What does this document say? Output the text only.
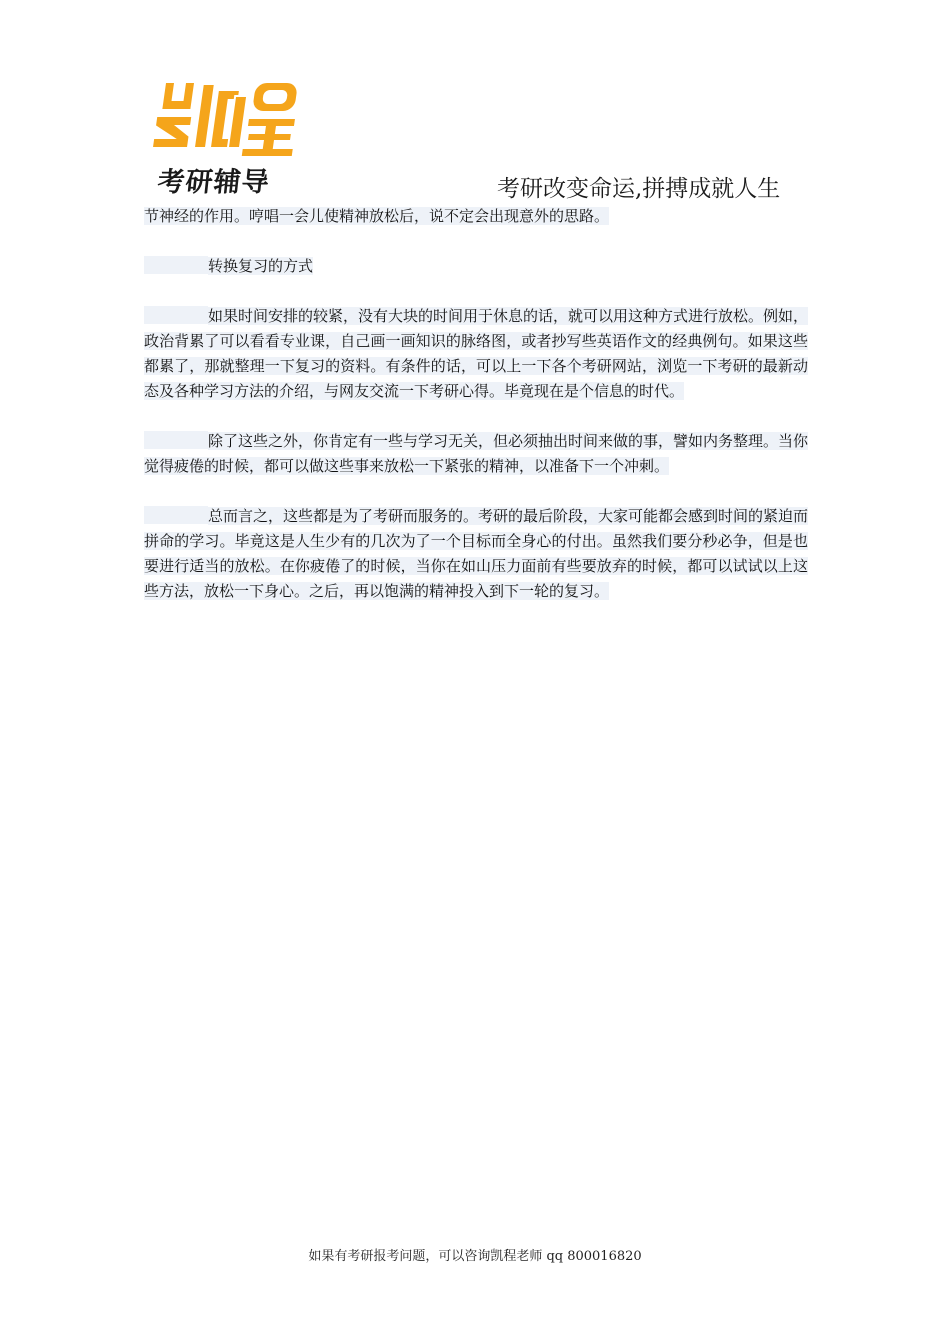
考研辅导	考研改变命运,拼搏成就人生

节神经的作用。哼唱一会儿使精神放松后，说不定会出现意外的思路。

转换复习的方式

如果时间安排的较紧，没有大块的时间用于休息的话，就可以用这种方式进行放松。例如，政治背累了可以看看专业课，自己画一画知识的脉络图，或者抄写些英语作文的经典例句。如果这些都累了，那就整理一下复习的资料。有条件的话，可以上一下各个考研网站，浏览一下考研的最新动态及各种学习方法的介绍，与网友交流一下考研心得。毕竟现在是个信息的时代。

除了这些之外，你肯定有一些与学习无关，但必须抽出时间来做的事，譬如内务整理。当你觉得疲倦的时候，都可以做这些事来放松一下紧张的精神，以准备下一个冲刺。

总而言之，这些都是为了考研而服务的。考研的最后阶段，大家可能都会感到时间的紧迫而拼命的学习。毕竟这是人生少有的几次为了一个目标而全身心的付出。虽然我们要分秒必争，但是也要进行适当的放松。在你疲倦了的时候，当你在如山压力面前有些要放弃的时候，都可以试试以上这些方法，放松一下身心。之后，再以饱满的精神投入到下一轮的复习。

如果有考研报考问题，可以咨询凯程老师 qq 800016820
